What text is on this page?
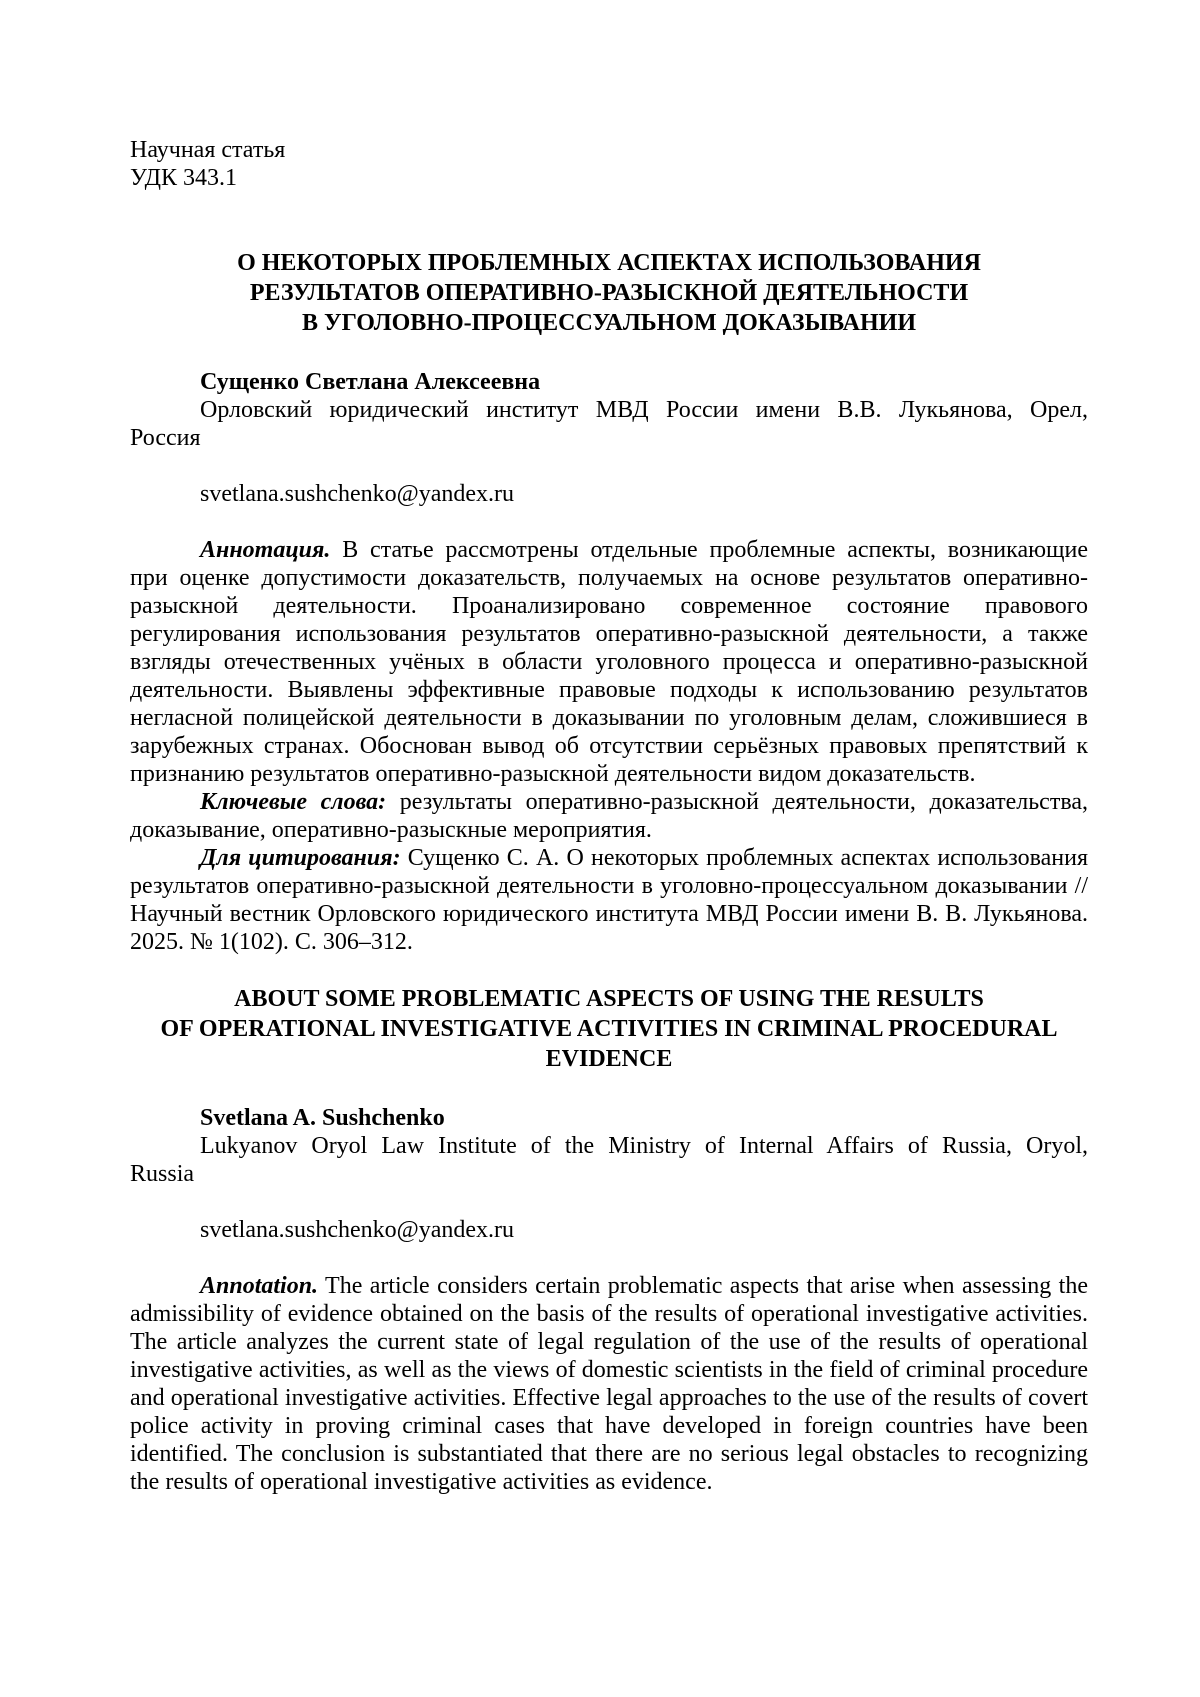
Научная статья

УДК 343.1

О НЕКОТОРЫХ ПРОБЛЕМНЫХ АСПЕКТАХ ИСПОЛЬЗОВАНИЯ
РЕЗУЛЬТАТОВ ОПЕРАТИВНО-РАЗЫСКНОЙ ДЕЯТЕЛЬНОСТИ
В УГОЛОВНО-ПРОЦЕССУАЛЬНОМ ДОКАЗЫВАНИИ

Сущенко Светлана Алексеевна

Орловский юридический институт МВД России имени В.В. Лукьянова, Орел,
Россия

svetlana.sushchenko@yandex.ru

Аннотация. В статье рассмотрены отдельные проблемные аспекты, возникающие при оценке допустимости доказательств, получаемых на основе результатов оперативно-разыскной деятельности. Проанализировано современное состояние правового регулирования использования результатов оперативно-разыскной деятельности, а также взгляды отечественных учёных в области уголовного процесса и оперативно-разыскной деятельности. Выявлены эффективные правовые подходы к использованию результатов негласной полицейской деятельности в доказывании по уголовным делам, сложившиеся в зарубежных странах. Обоснован вывод об отсутствии серьёзных правовых препятствий к признанию результатов оперативно-разыскной деятельности видом доказательств.

Ключевые слова: результаты оперативно-разыскной деятельности, доказательства, доказывание, оперативно-разыскные мероприятия.

Для цитирования: Сущенко С. А. О некоторых проблемных аспектах использования результатов оперативно-разыскной деятельности в уголовно-процессуальном доказывании // Научный вестник Орловского юридического института МВД России имени В. В. Лукьянова. 2025. № 1(102). С. 306–312.

ABOUT SOME PROBLEMATIC ASPECTS OF USING THE RESULTS
OF OPERATIONAL INVESTIGATIVE ACTIVITIES IN CRIMINAL PROCEDURAL
EVIDENCE

Svetlana A. Sushchenko

Lukyanov Oryol Law Institute of the Ministry of Internal Affairs of Russia, Oryol,
Russia

svetlana.sushchenko@yandex.ru

Annotation. The article considers certain problematic aspects that arise when assessing the admissibility of evidence obtained on the basis of the results of operational investigative activities. The article analyzes the current state of legal regulation of the use of the results of operational investigative activities, as well as the views of domestic scientists in the field of criminal procedure and operational investigative activities. Effective legal approaches to the use of the results of covert police activity in proving criminal cases that have developed in foreign countries have been identified. The conclusion is substantiated that there are no serious legal obstacles to recognizing the results of operational investigative activities as evidence.
